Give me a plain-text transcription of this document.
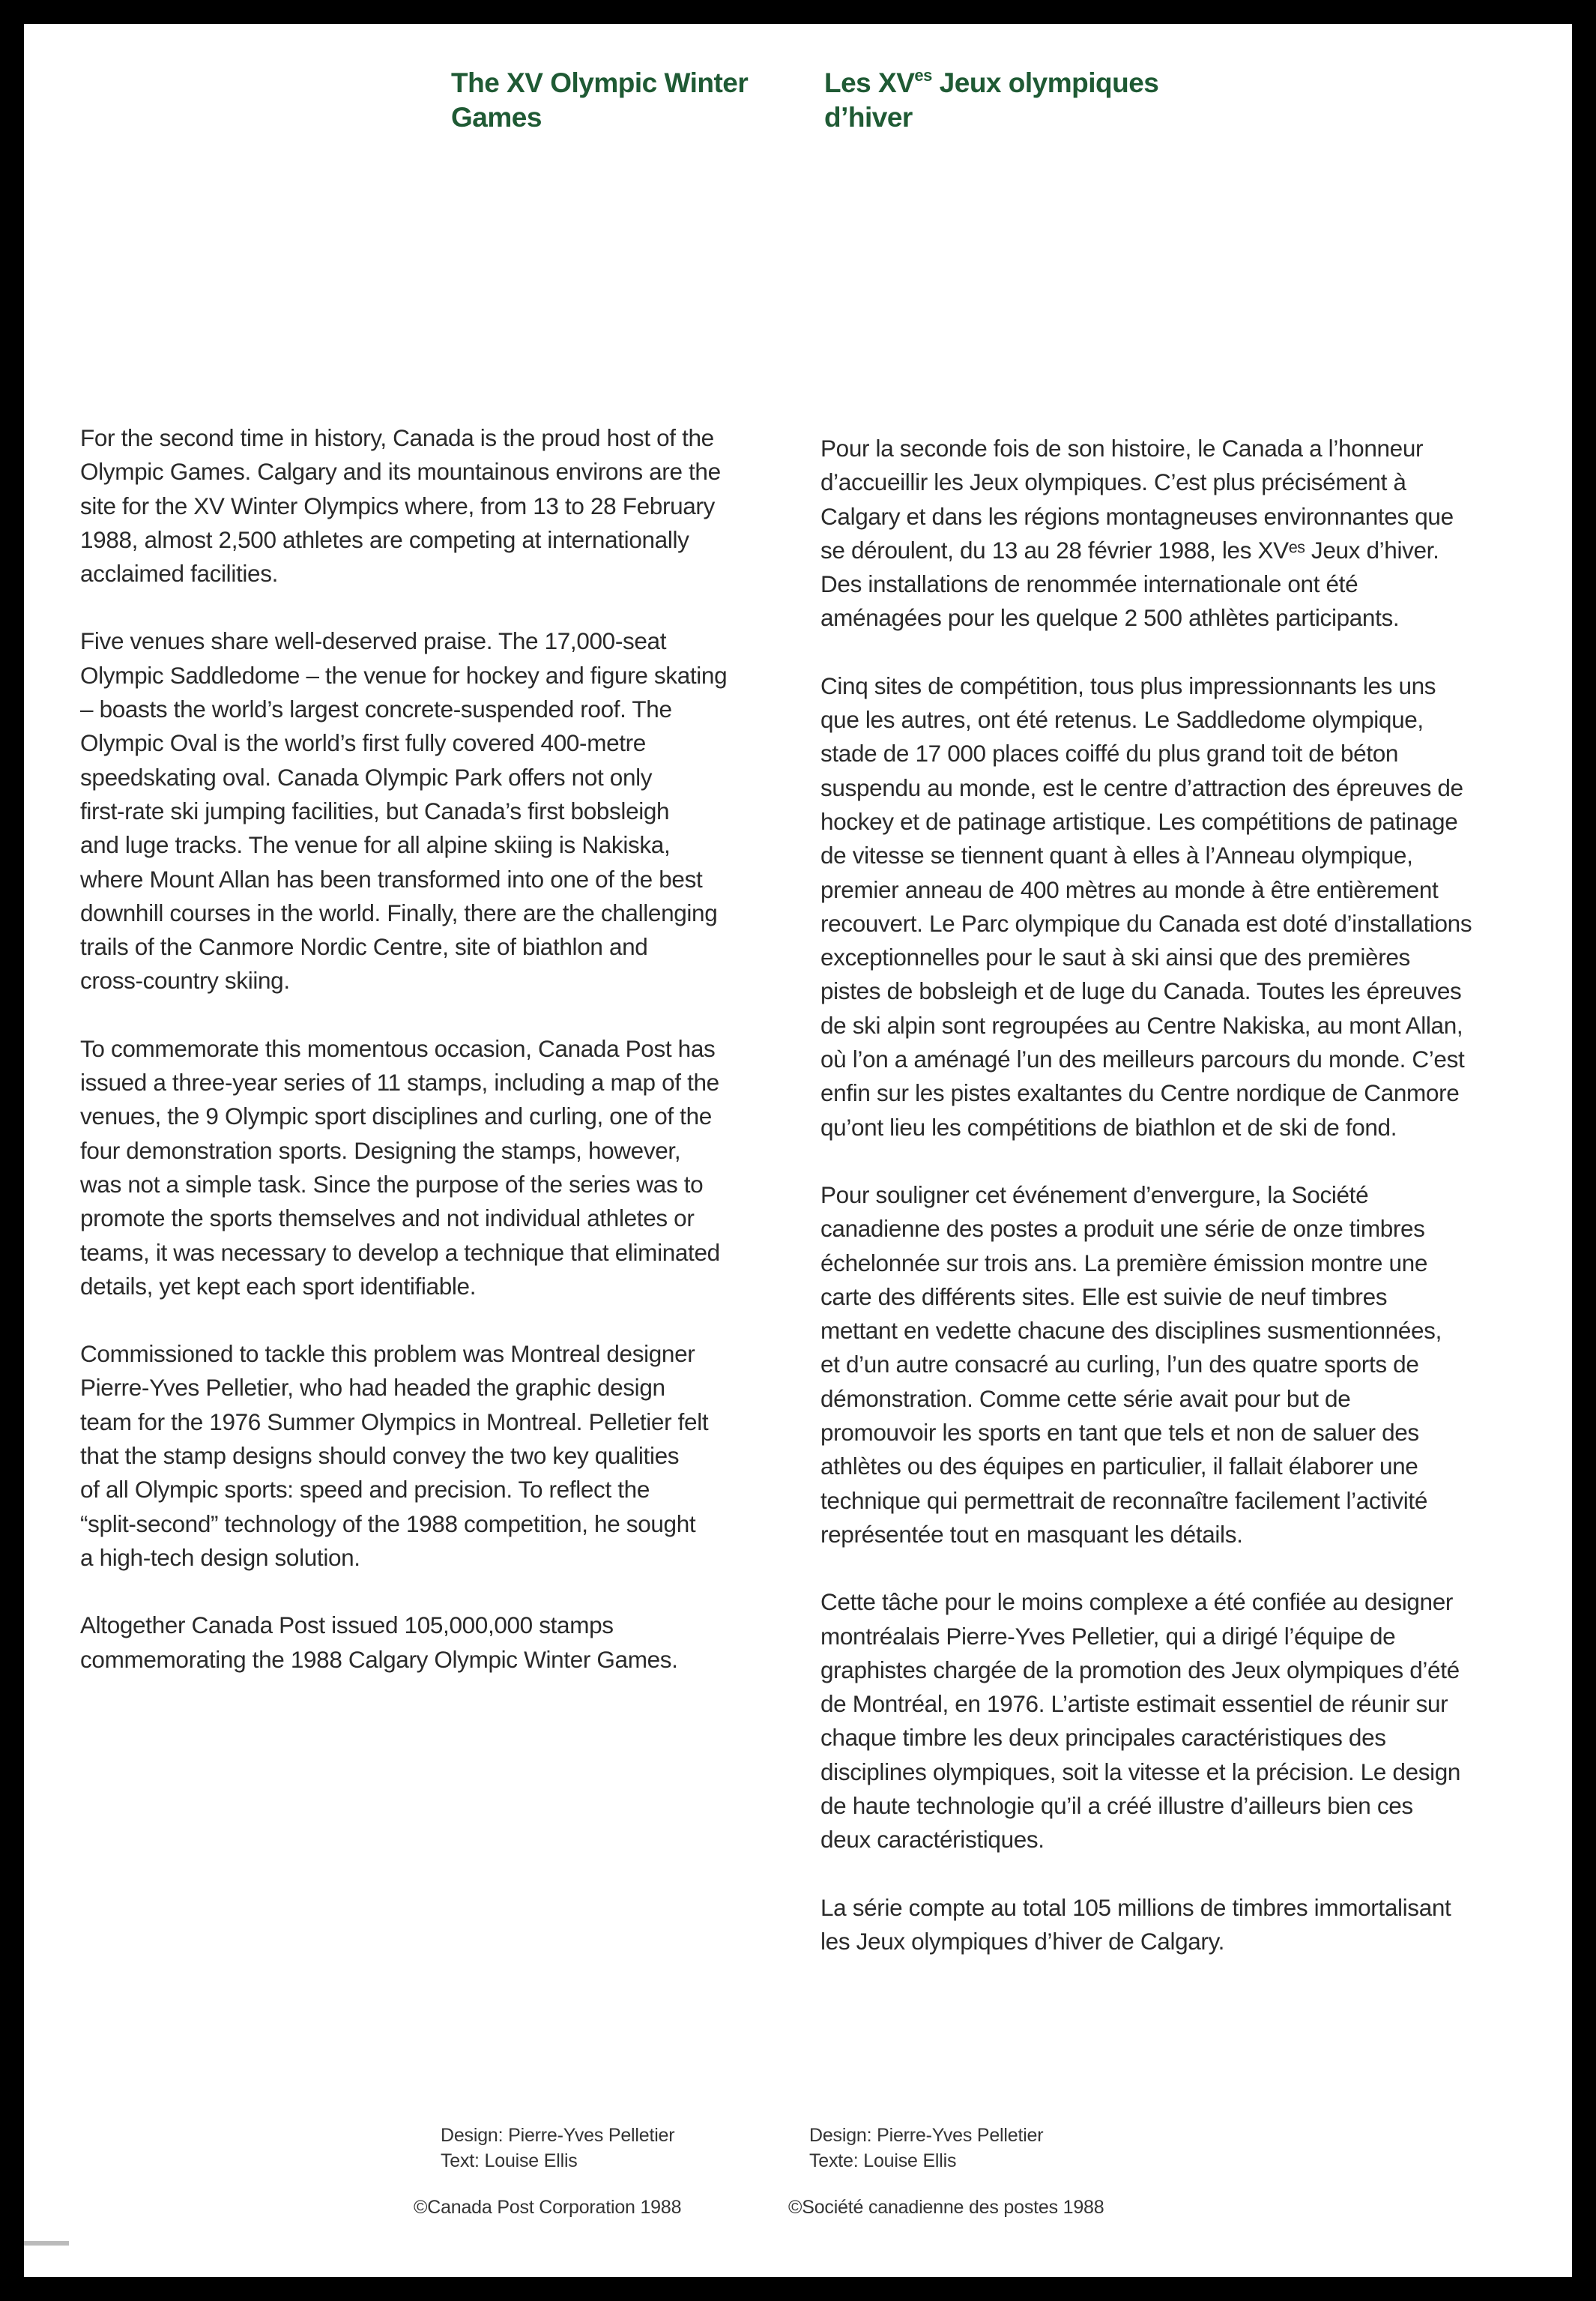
The XV Olympic Winter
Games
Les $XV^{es}$ Jeux olympiques
d’hiver

For the second time in history, Canada is the proud host of the
Olympic Games. Calgary and its mountainous environs are the
site for the XV Winter Olympics where, from 13 to 28 February
1988, almost 2,500 athletes are competing at internationally
acclaimed facilities.

Five venues share well-deserved praise. The 17,000-seat
Olympic Saddledome – the venue for hockey and figure skating
– boasts the world’s largest concrete-suspended roof. The
Olympic Oval is the world’s first fully covered 400-metre
speedskating oval. Canada Olympic Park offers not only
first-rate ski jumping facilities, but Canada’s first bobsleigh
and luge tracks. The venue for all alpine skiing is Nakiska,
where Mount Allan has been transformed into one of the best
downhill courses in the world. Finally, there are the challenging
trails of the Canmore Nordic Centre, site of biathlon and
cross-country skiing.

To commemorate this momentous occasion, Canada Post has
issued a three-year series of 11 stamps, including a map of the
venues, the 9 Olympic sport disciplines and curling, one of the
four demonstration sports. Designing the stamps, however,
was not a simple task. Since the purpose of the series was to
promote the sports themselves and not individual athletes or
teams, it was necessary to develop a technique that eliminated
details, yet kept each sport identifiable.

Commissioned to tackle this problem was Montreal designer
Pierre-Yves Pelletier, who had headed the graphic design
team for the 1976 Summer Olympics in Montreal. Pelletier felt
that the stamp designs should convey the two key qualities
of all Olympic sports: speed and precision. To reflect the
“split-second” technology of the 1988 competition, he sought
a high-tech design solution.

Altogether Canada Post issued 105,000,000 stamps
commemorating the 1988 Calgary Olympic Winter Games.

Pour la seconde fois de son histoire, le Canada a l’honneur
d’accueillir les Jeux olympiques. C’est plus précisément à
Calgary et dans les régions montagneuses environnantes que
se déroulent, du 13 au 28 février 1988, les XVᵉˢ Jeux d’hiver.
Des installations de renommée internationale ont été
aménagées pour les quelque 2 500 athlètes participants.

Cinq sites de compétition, tous plus impressionnants les uns
que les autres, ont été retenus. Le Saddledome olympique,
stade de 17 000 places coiffé du plus grand toit de béton
suspendu au monde, est le centre d’attraction des épreuves de
hockey et de patinage artistique. Les compétitions de patinage
de vitesse se tiennent quant à elles à l’Anneau olympique,
premier anneau de 400 mètres au monde à être entièrement
recouvert. Le Parc olympique du Canada est doté d’installations
exceptionnelles pour le saut à ski ainsi que des premières
pistes de bobsleigh et de luge du Canada. Toutes les épreuves
de ski alpin sont regroupées au Centre Nakiska, au mont Allan,
où l’on a aménagé l’un des meilleurs parcours du monde. C’est
enfin sur les pistes exaltantes du Centre nordique de Canmore
qu’ont lieu les compétitions de biathlon et de ski de fond.

Pour souligner cet événement d’envergure, la Société
canadienne des postes a produit une série de onze timbres
échelonnée sur trois ans. La première émission montre une
carte des différents sites. Elle est suivie de neuf timbres
mettant en vedette chacune des disciplines susmentionnées,
et d’un autre consacré au curling, l’un des quatre sports de
démonstration. Comme cette série avait pour but de
promouvoir les sports en tant que tels et non de saluer des
athlètes ou des équipes en particulier, il fallait élaborer une
technique qui permettrait de reconnaître facilement l’activité
représentée tout en masquant les détails.

Cette tâche pour le moins complexe a été confiée au designer
montréalais Pierre-Yves Pelletier, qui a dirigé l’équipe de
graphistes chargée de la promotion des Jeux olympiques d’été
de Montréal, en 1976. L’artiste estimait essentiel de réunir sur
chaque timbre les deux principales caractéristiques des
disciplines olympiques, soit la vitesse et la précision. Le design
de haute technologie qu’il a créé illustre d’ailleurs bien ces
deux caractéristiques.

La série compte au total 105 millions de timbres immortalisant
les Jeux olympiques d’hiver de Calgary.

Design: Pierre-Yves Pelletier
Text: Louise Ellis
Design: Pierre-Yves Pelletier
Texte: Louise Ellis
©Canada Post Corporation 1988	©Société canadienne des postes 1988
